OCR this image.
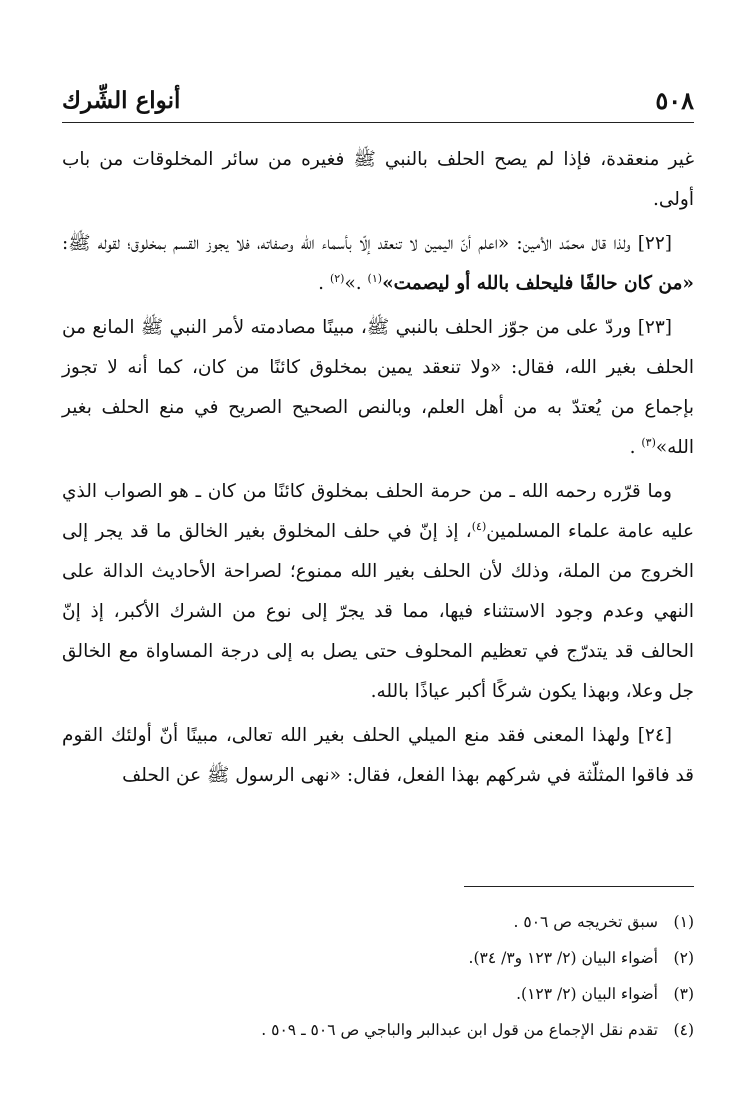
٥٠٨
أنواع الشِّرك

غير منعقدة، فإذا لم يصح الحلف بالنبي ﷺ فغيره من سائر المخلوقات من باب أولى.

[٢٢] ولذا قال محمّد الأمين: «اعلم أنّ اليمين لا تنعقد إلّا بأسماء الله وصفاته، فلا يجوز القسم بمخلوق؛ لقوله ﷺ: «من كان حالفًا فليحلف بالله أو ليصمت»$^{(١)}$ .»$^{(٢)}$ .

[٢٣] وردّ على من جوّز الحلف بالنبي ﷺ، مبينًا مصادمته لأمر النبي ﷺ المانع من الحلف بغير الله، فقال: «ولا تنعقد يمين بمخلوق كائنًا من كان، كما أنه لا تجوز بإجماع من يُعتدّ به من أهل العلم، وبالنص الصحيح الصريح في منع الحلف بغير الله»$^{(٣)}$ .

وما قرّره رحمه الله ـ من حرمة الحلف بمخلوق كائنًا من كان ـ هو الصواب الذي عليه عامة علماء المسلمين$^{(٤)}$، إذ إنّ في حلف المخلوق بغير الخالق ما قد يجر إلى الخروج من الملة، وذلك لأن الحلف بغير الله ممنوع؛ لصراحة الأحاديث الدالة على النهي وعدم وجود الاستثناء فيها، مما قد يجرّ إلى نوع من الشرك الأكبر، إذ إنّ الحالف قد يتدرّج في تعظيم المحلوف حتى يصل به إلى درجة المساواة مع الخالق جل وعلا، وبهذا يكون شركًا أكبر عياذًا بالله.

[٢٤] ولهذا المعنى فقد منع الميلي الحلف بغير الله تعالى، مبينًا أنّ أولئك القوم قد فاقوا المثلّثة في شركهم بهذا الفعل، فقال: «نهى الرسول ﷺ عن الحلف

(١)
سبق تخريجه ص ٥٠٦ .
(٢)
أضواء البيان (٢/ ١٢٣ و٣/ ٣٤).
(٣)
أضواء البيان (٢/ ١٢٣).
(٤)
تقدم نقل الإجماع من قول ابن عبدالبر والباجي ص ٥٠٦ ـ ٥٠٩ .
